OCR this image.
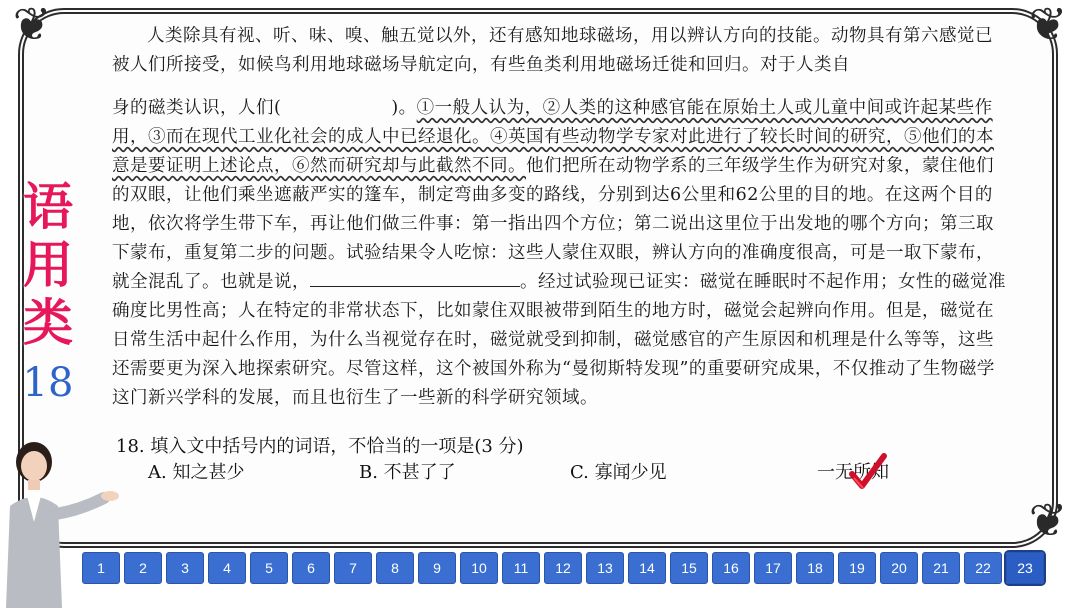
❦	❦
❦

人类除具有视、听、味、嗅、触五觉以外，还有感知地球磁场，用以辨认方向的技能。动物具有第六感觉已被人们所接受，如候鸟利用地球磁场导航定向，有些鱼类利用地磁场迁徙和回归。对于人类自

身的磁类认识，人们(	)。①一般人认为，②人类的这种感官能在原始土人或儿童中间或许起某些作用，③而在现代工业化社会的成人中已经退化。④英国有些动物学专家对此进行了较长时间的研究，⑤他们的本意是要证明上述论点，⑥然而研究却与此截然不同。他们把所在动物学系的三年级学生作为研究对象，蒙住他们的双眼，让他们乘坐遮蔽严实的篷车，制定弯曲多变的路线，分别到达6公里和62公里的目的地。在这两个目的地，依次将学生带下车，再让他们做三件事：第一指出四个方位；第二说出这里位于出发地的哪个方向；第三取下蒙布，重复第二步的问题。试验结果令人吃惊：这些人蒙住双眼，辨认方向的准确度很高，可是一取下蒙布，就全混乱了。也就是说，	。经过试验现已证实：磁觉在睡眠时不起作用；女性的磁觉准确度比男性高；人在特定的非常状态下，比如蒙住双眼被带到陌生的地方时，磁觉会起辨向作用。但是，磁觉在日常生活中起什么作用，为什么当视觉存在时，磁觉就受到抑制，磁觉感官的产生原因和机理是什么等等，这些还需要更为深入地探索研究。尽管这样，这个被国外称为“曼彻斯特发现”的重要研究成果，不仅推动了生物磁学这门新兴学科的发展，而且也衍生了一些新的科学研究领域。

18. 填入文中括号内的词语，不恰当的一项是(3 分)
A. 知之甚少	B. 不甚了了	C. 寡闻少见	一无所知
语
用
类
18
1	2	3	4	5	6	7	8	9	10	11	12	13	14	15	16	17	18	19	20	21	22	23
